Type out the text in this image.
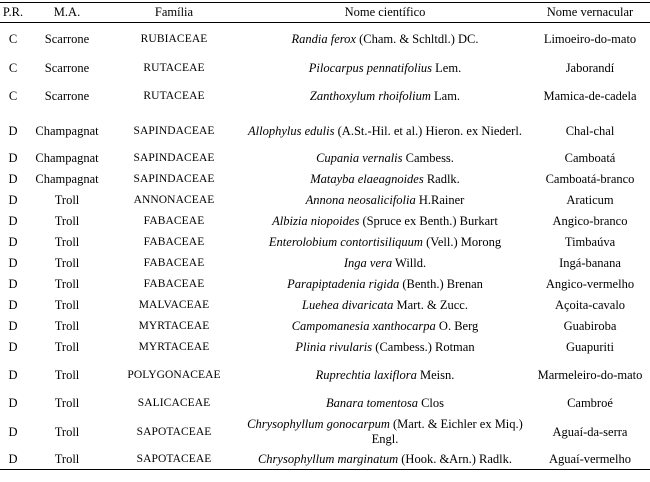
P.R.	M.A.	Família	Nome científico	Nome vernacular
C	Scarrone	RUBIACEAE	Randia ferox (Cham. & Schltdl.) DC.	Limoeiro-do-mato
C	Scarrone	RUTACEAE	Pilocarpus pennatifolius Lem.	Jaborandí
C	Scarrone	RUTACEAE	Zanthoxylum rhoifolium Lam.	Mamica-de-cadela
D	Champagnat	SAPINDACEAE	Allophylus edulis (A.St.-Hil. et al.) Hieron. ex Niederl.	Chal-chal
D	Champagnat	SAPINDACEAE	Cupania vernalis Cambess.	Camboatá
D	Champagnat	SAPINDACEAE	Matayba elaeagnoides Radlk.	Camboatá-branco
D	Troll	ANNONACEAE	Annona neosalicifolia H.Rainer	Araticum
D	Troll	FABACEAE	Albizia niopoides (Spruce ex Benth.) Burkart	Angico-branco
D	Troll	FABACEAE	Enterolobium contortisiliquum (Vell.) Morong	Timbaúva
D	Troll	FABACEAE	Inga vera Willd.	Ingá-banana
D	Troll	FABACEAE	Parapiptadenia rigida (Benth.) Brenan	Angico-vermelho
D	Troll	MALVACEAE	Luehea divaricata Mart. & Zucc.	Açoita-cavalo
D	Troll	MYRTACEAE	Campomanesia xanthocarpa O. Berg	Guabiroba
D	Troll	MYRTACEAE	Plinia rivularis (Cambess.) Rotman	Guapuriti
D	Troll	POLYGONACEAE	Ruprechtia laxiflora Meisn.	Marmeleiro-do-mato
D	Troll	SALICACEAE	Banara tomentosa Clos	Cambroé
D	Troll	SAPOTACEAE	Chrysophyllum gonocarpum (Mart. & Eichler ex Miq.) Engl.	Aguaí-da-serra
D	Troll	SAPOTACEAE	Chrysophyllum marginatum (Hook. &Arn.) Radlk.	Aguaí-vermelho
